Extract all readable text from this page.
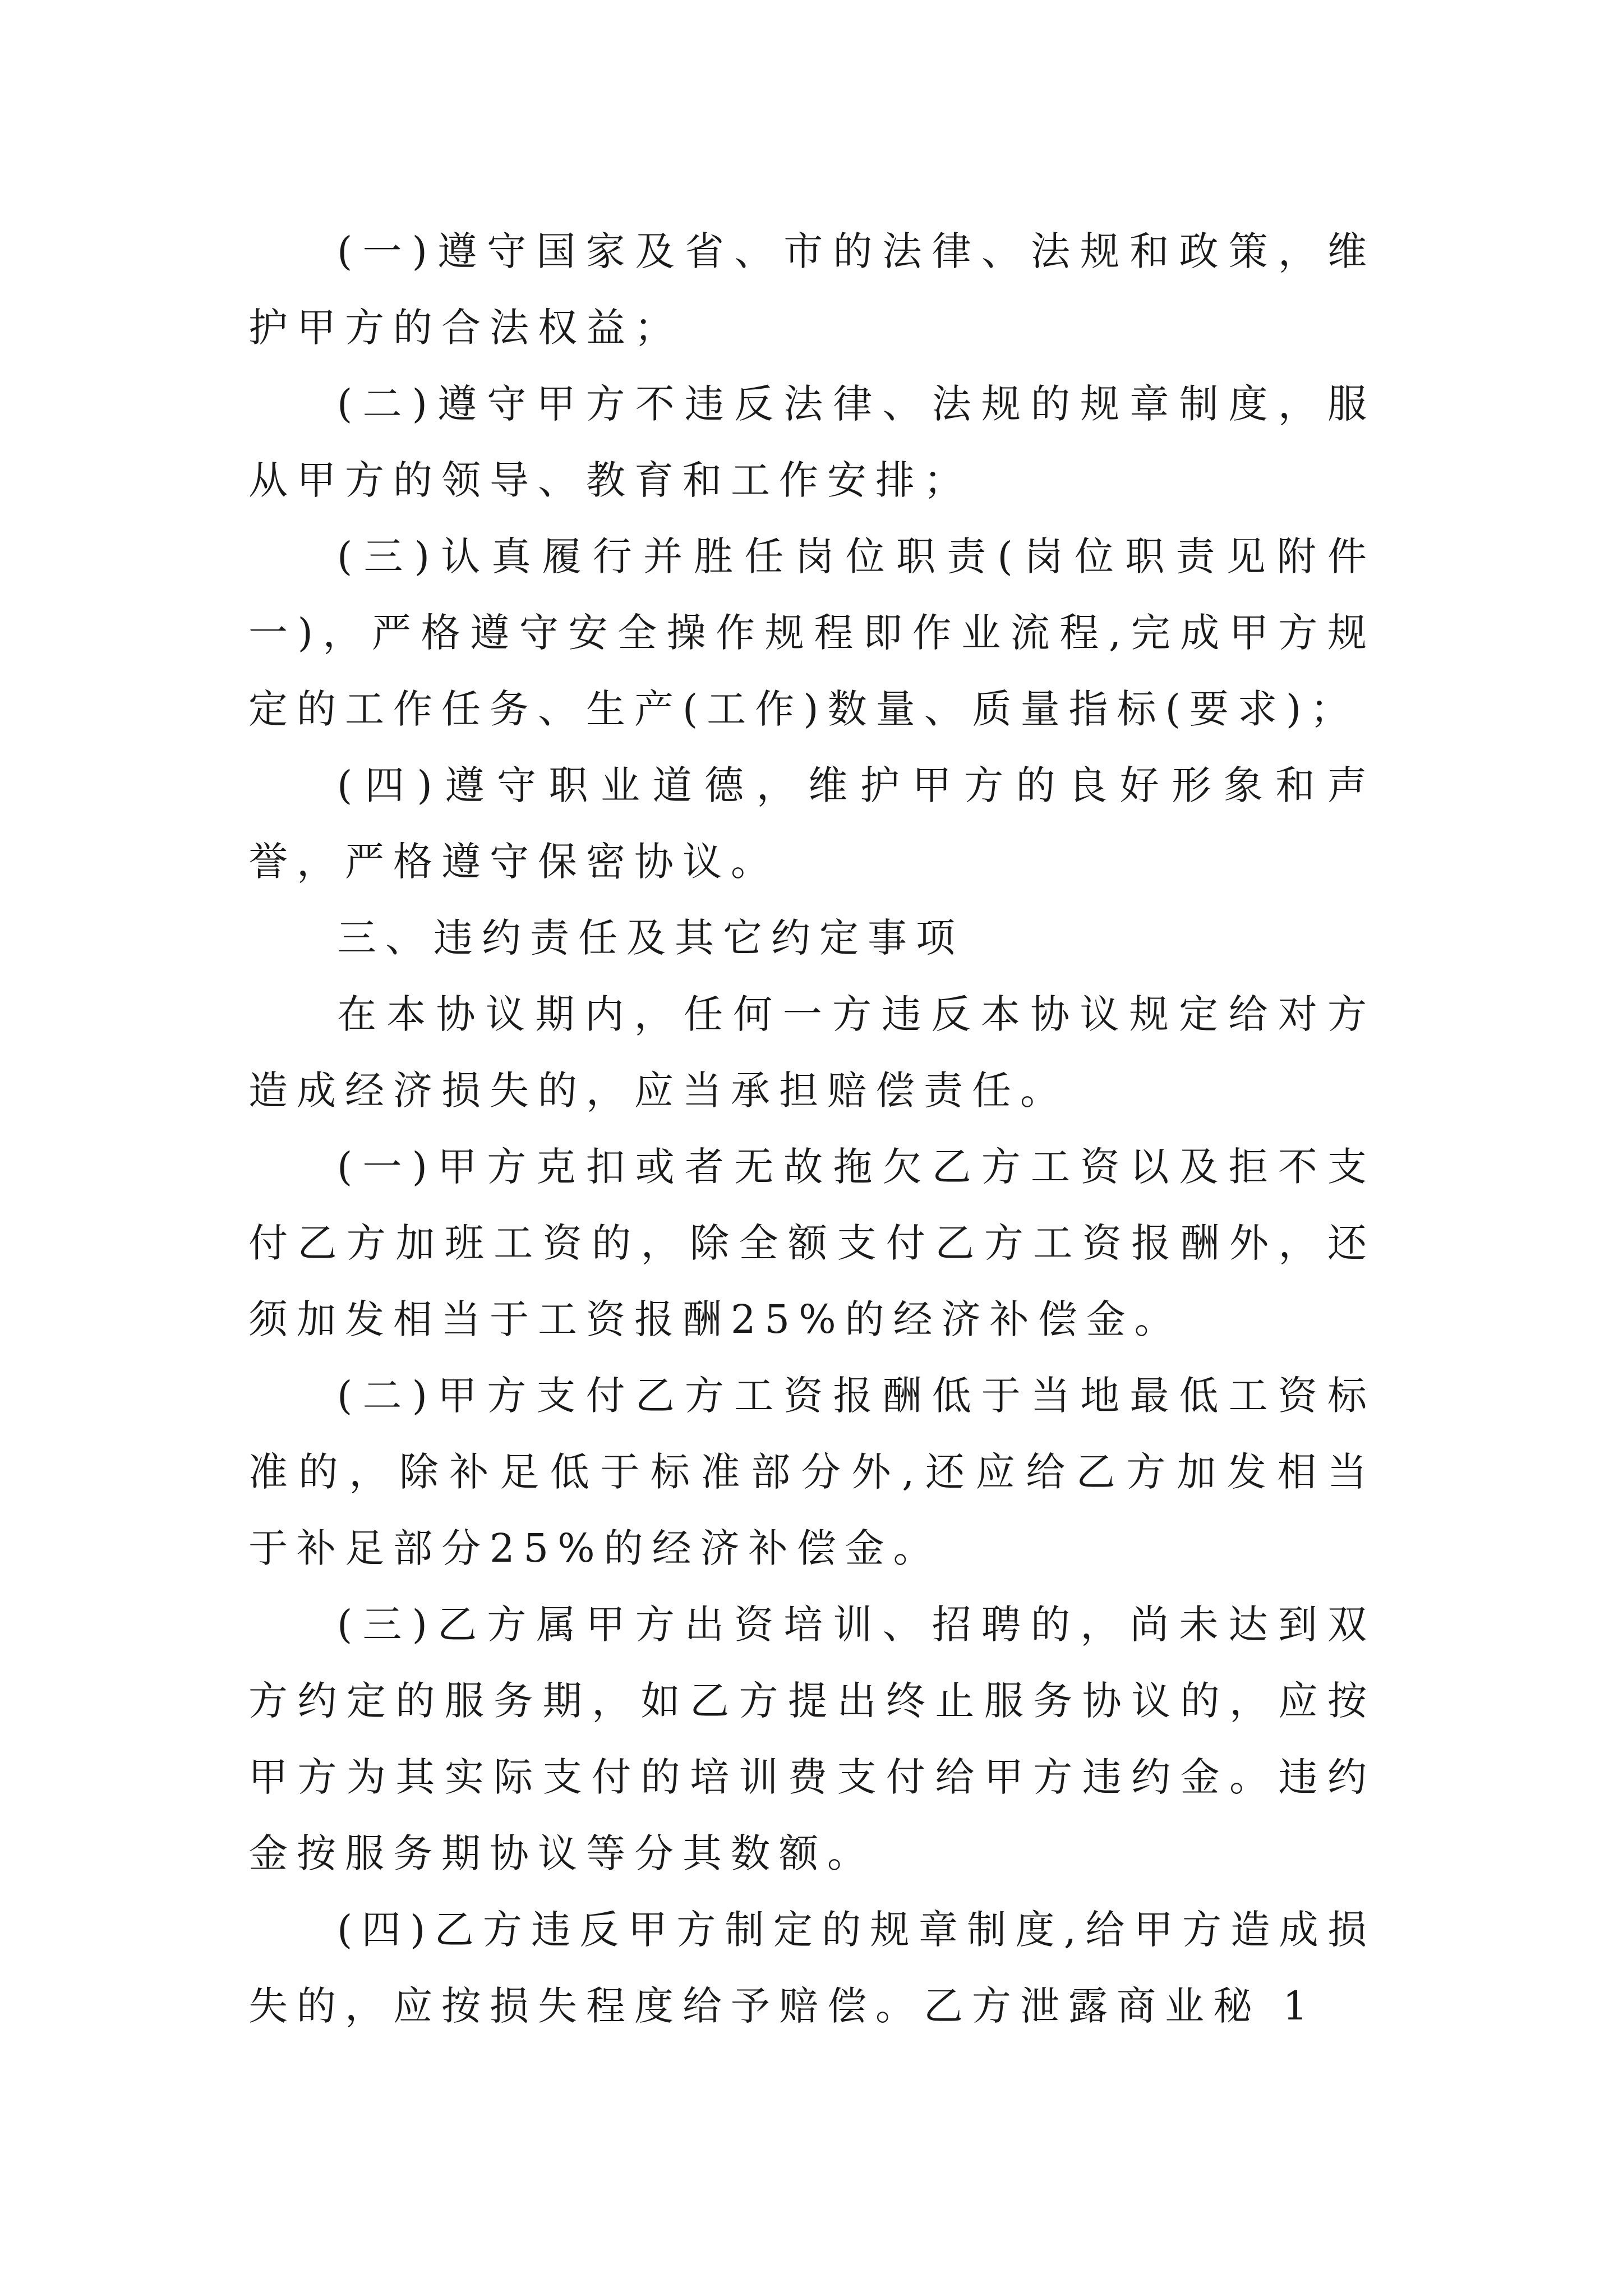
(一)遵守国家及省、市的法律、法规和政策，维护甲方的合法权益；

(二)遵守甲方不违反法律、法规的规章制度，服从甲方的领导、教育和工作安排；

(三)认真履行并胜任岗位职责(岗位职责见附件一)，严格遵守安全操作规程即作业流程,完成甲方规定的工作任务、生产(工作)数量、质量指标(要求)；

(四)遵守职业道德，维护甲方的良好形象和声誉，严格遵守保密协议。

三、违约责任及其它约定事项

在本协议期内，任何一方违反本协议规定给对方造成经济损失的，应当承担赔偿责任。

(一)甲方克扣或者无故拖欠乙方工资以及拒不支付乙方加班工资的，除全额支付乙方工资报酬外，还须加发相当于工资报酬25%的经济补偿金。

(二)甲方支付乙方工资报酬低于当地最低工资标准的，除补足低于标准部分外,还应给乙方加发相当于补足部分25%的经济补偿金。

(三)乙方属甲方出资培训、招聘的，尚未达到双方约定的服务期，如乙方提出终止服务协议的，应按甲方为其实际支付的培训费支付给甲方违约金。违约金按服务期协议等分其数额。

(四)乙方违反甲方制定的规章制度,给甲方造成损失的，应按损失程度给予赔偿。乙方泄露商业秘 1
